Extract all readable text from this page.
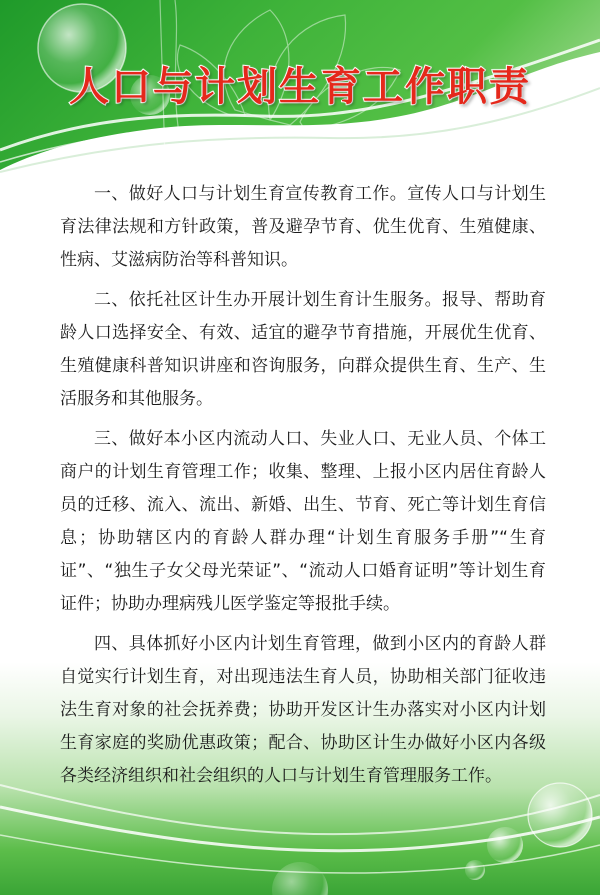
人口与计划生育工作职责

一、做好人口与计划生育宣传教育工作。宣传人口与计划生育法律法规和方针政策，普及避孕节育、优生优育、生殖健康、性病、艾滋病防治等科普知识。

二、依托社区计生办开展计划生育计生服务。报导、帮助育龄人口选择安全、有效、适宜的避孕节育措施，开展优生优育、生殖健康科普知识讲座和咨询服务，向群众提供生育、生产、生活服务和其他服务。

三、做好本小区内流动人口、失业人口、无业人员、个体工商户的计划生育管理工作；收集、整理、上报小区内居住育龄人员的迁移、流入、流出、新婚、出生、节育、死亡等计划生育信息；协助辖区内的育龄人群办理“计划生育服务手册”“生育证”、“独生子女父母光荣证”、“流动人口婚育证明”等计划生育证件；协助办理病残儿医学鉴定等报批手续。

四、具体抓好小区内计划生育管理，做到小区内的育龄人群自觉实行计划生育，对出现违法生育人员，协助相关部门征收违法生育对象的社会抚养费；协助开发区计生办落实对小区内计划生育家庭的奖励优惠政策；配合、协助区计生办做好小区内各级各类经济组织和社会组织的人口与计划生育管理服务工作。
